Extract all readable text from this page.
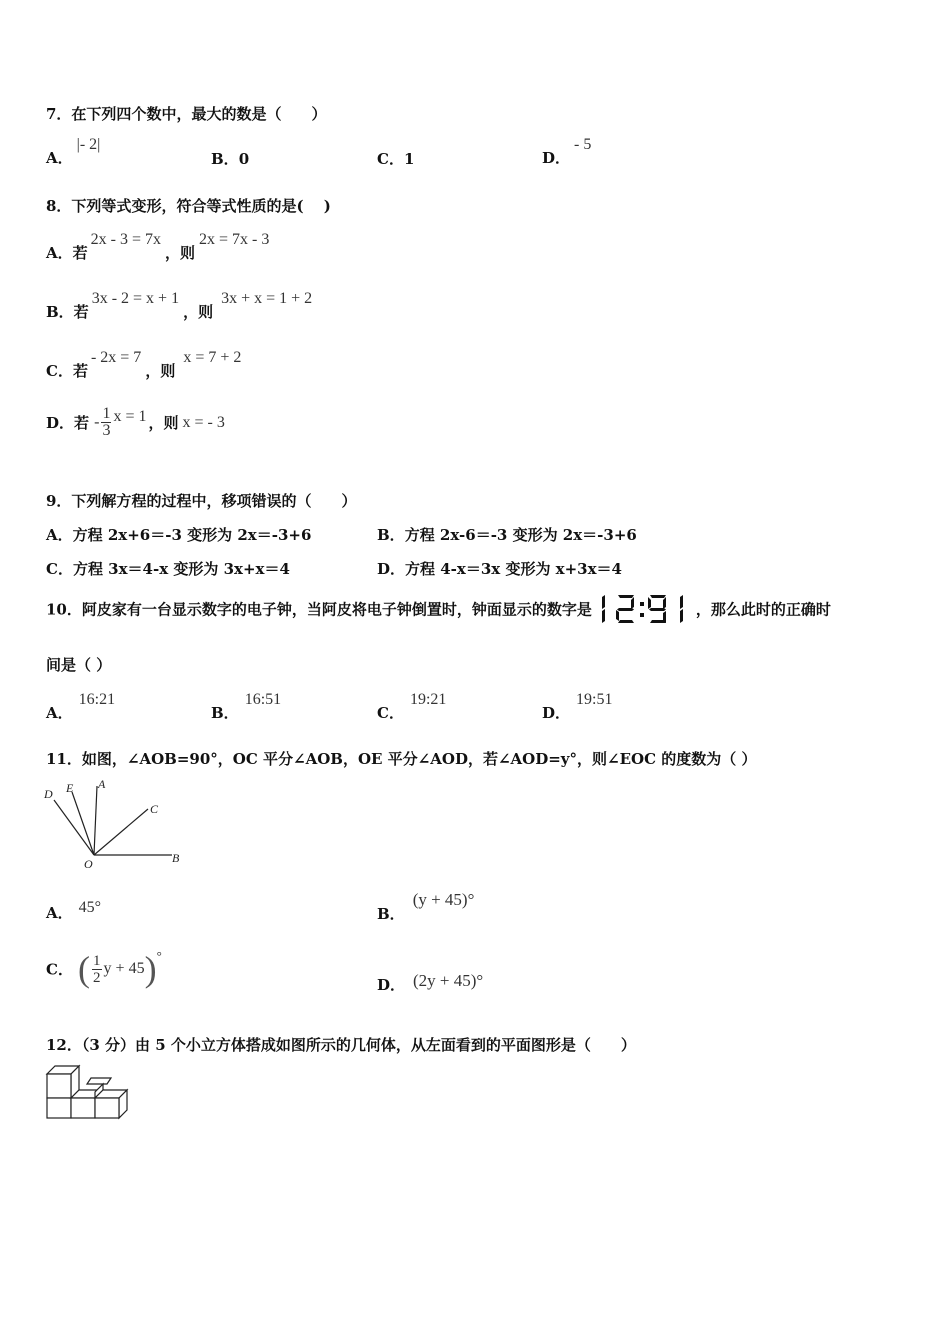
7．在下列四个数中，最大的数是（　　）
A．|- 2|
B．0	C．1	D．- 5
8．下列等式变形，符合等式性质的是(　 )
A．若2x - 3 = 7x，则2x = 7x - 3
B．若3x - 2 = x + 1，则3x + x = 1 + 2
C．若- 2x = 7，则x = 7 + 2
D．若 - $\frac{1}{3}$ x = 1 ，则 x = - 3
9．下列解方程的过程中，移项错误的（　　）
A．方程 2x+6＝-3 变形为 2x＝-3+6	B．方程 2x-6＝-3 变形为 2x＝-3+6
C．方程 3x＝4-x 变形为 3x+x＝4	D．方程 4-x＝3x 变形为 x+3x＝4
10．阿皮家有一台显示数字的电子钟，当阿皮将电子钟倒置时，钟面显示的数字是	，那么此时的正确时
间是（ ）
A．16:21
B．16:51
C．19:21
D．19:51
11．如图，∠AOB=90°，OC 平分∠AOB，OE 平分∠AOD，若∠AOD=y°，则∠EOC 的度数为（ ）
D E A
C
O	B
A． 45°	B．(y + 45)°
C． ( $\frac{1}{2}$ y + 45)°
D． (2y + 45)°
12．（3 分）由 5 个小立方体搭成如图所示的几何体，从左面看到的平面图形是（　　）
